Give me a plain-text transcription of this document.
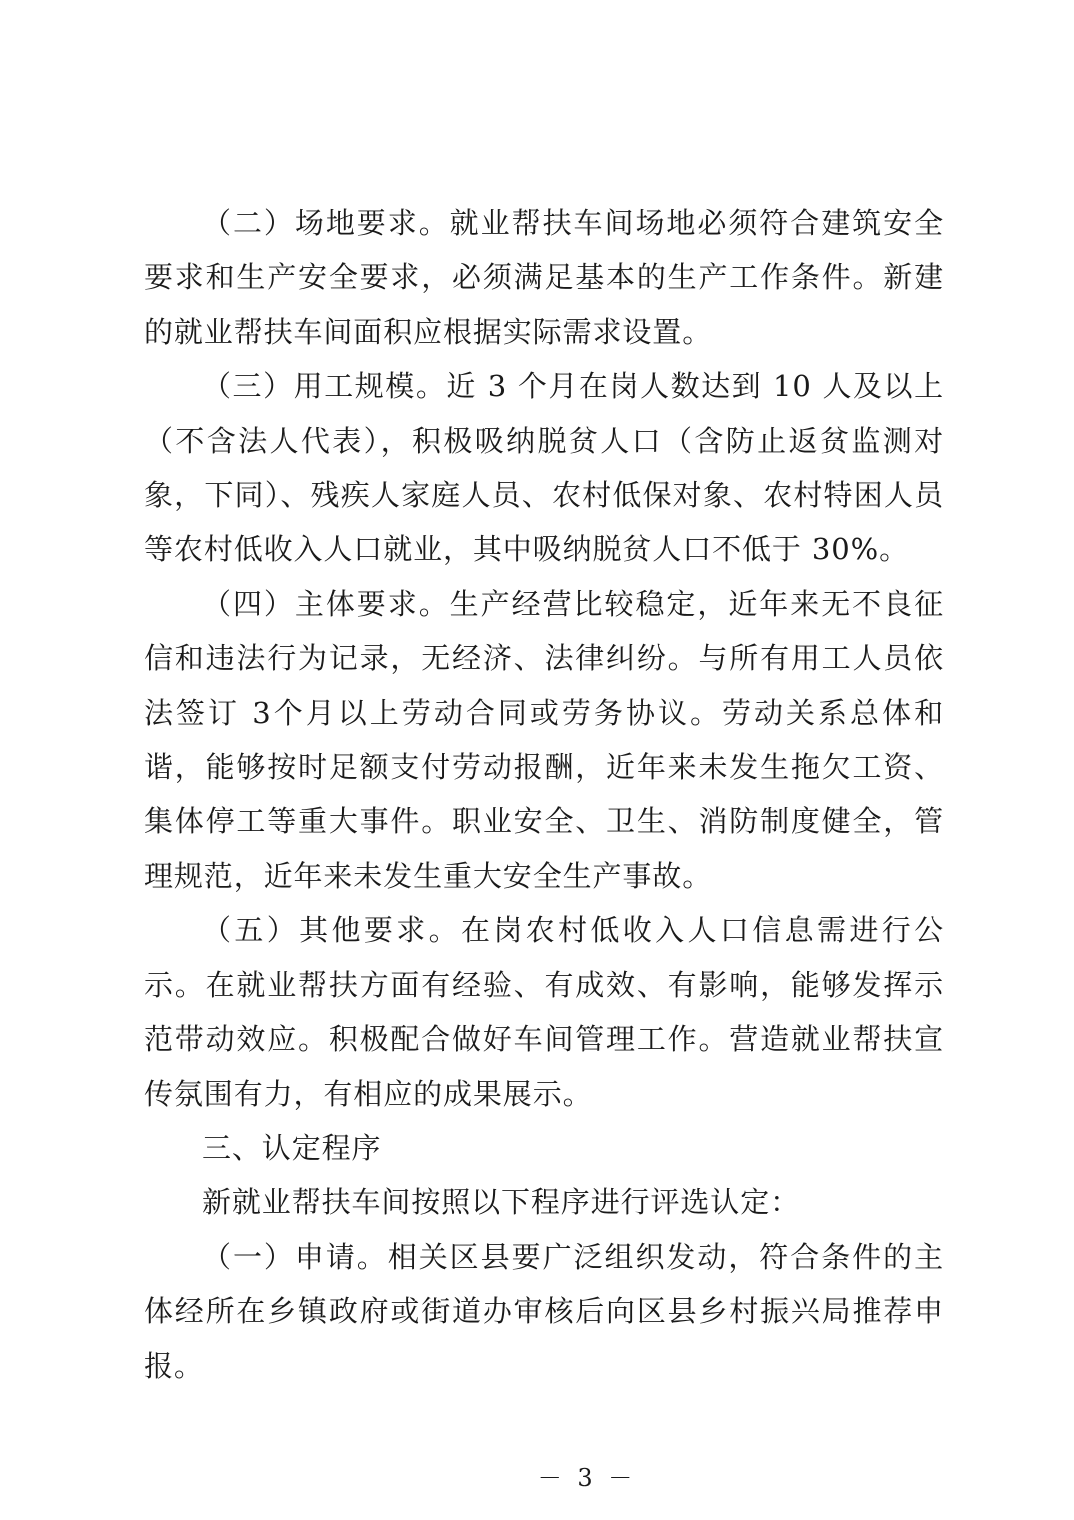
（二）场地要求。就业帮扶车间场地必须符合建筑安全要求和生产安全要求，必须满足基本的生产工作条件。新建的就业帮扶车间面积应根据实际需求设置。

（三）用工规模。近 3 个月在岗人数达到 10 人及以上（不含法人代表），积极吸纳脱贫人口（含防止返贫监测对象，下同）、残疾人家庭人员、农村低保对象、农村特困人员等农村低收入人口就业，其中吸纳脱贫人口不低于 30%。

（四）主体要求。生产经营比较稳定，近年来无不良征信和违法行为记录，无经济、法律纠纷。与所有用工人员依法签订 3个月以上劳动合同或劳务协议。劳动关系总体和谐，能够按时足额支付劳动报酬，近年来未发生拖欠工资、集体停工等重大事件。职业安全、卫生、消防制度健全，管理规范，近年来未发生重大安全生产事故。

（五）其他要求。在岗农村低收入人口信息需进行公示。在就业帮扶方面有经验、有成效、有影响，能够发挥示范带动效应。积极配合做好车间管理工作。营造就业帮扶宣传氛围有力，有相应的成果展示。

三、认定程序

新就业帮扶车间按照以下程序进行评选认定：

（一）申请。相关区县要广泛组织发动，符合条件的主体经所在乡镇政府或街道办审核后向区县乡村振兴局推荐申报。

－ 3 －
